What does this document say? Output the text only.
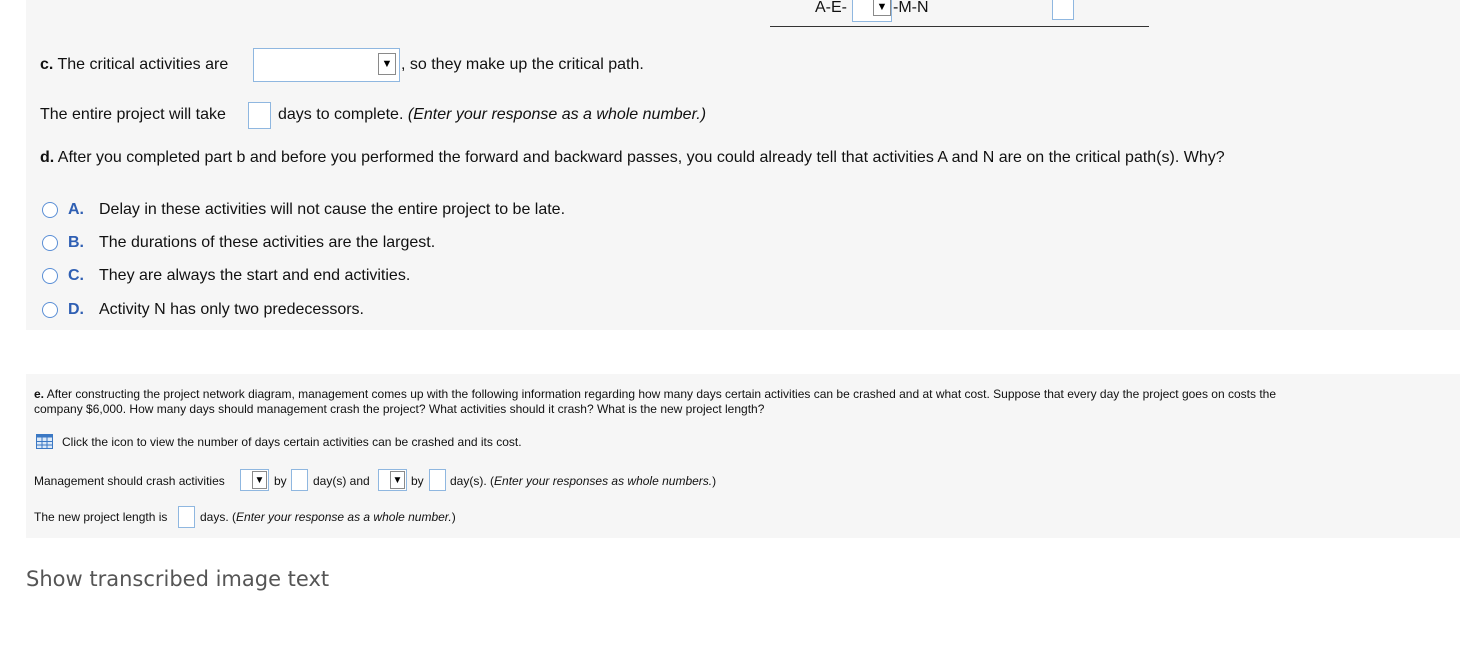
A-E-	▼ -M-N
c. The critical activities are	▼ , so they make up the critical path.
The entire project will take	days to complete. (Enter your response as a whole number.)
d. After you completed part b and before you performed the forward and backward passes, you could already tell that activities A and N are on the critical path(s). Why?
A. Delay in these activities will not cause the entire project to be late.
B. The durations of these activities are the largest.
C. They are always the start and end activities.
D. Activity N has only two predecessors.
e. After constructing the project network diagram, management comes up with the following information regarding how many days certain activities can be crashed and at what cost. Suppose that every day the project goes on costs the
company $6,000. How many days should management crash the project? What activities should it crash? What is the new project length?
Click the icon to view the number of days certain activities can be crashed and its cost.
Management should crash activities	▼ by day(s) and ▼ by day(s). (Enter your responses as whole numbers.)
The new project length is	days. (Enter your response as a whole number.)
Show transcribed image text
